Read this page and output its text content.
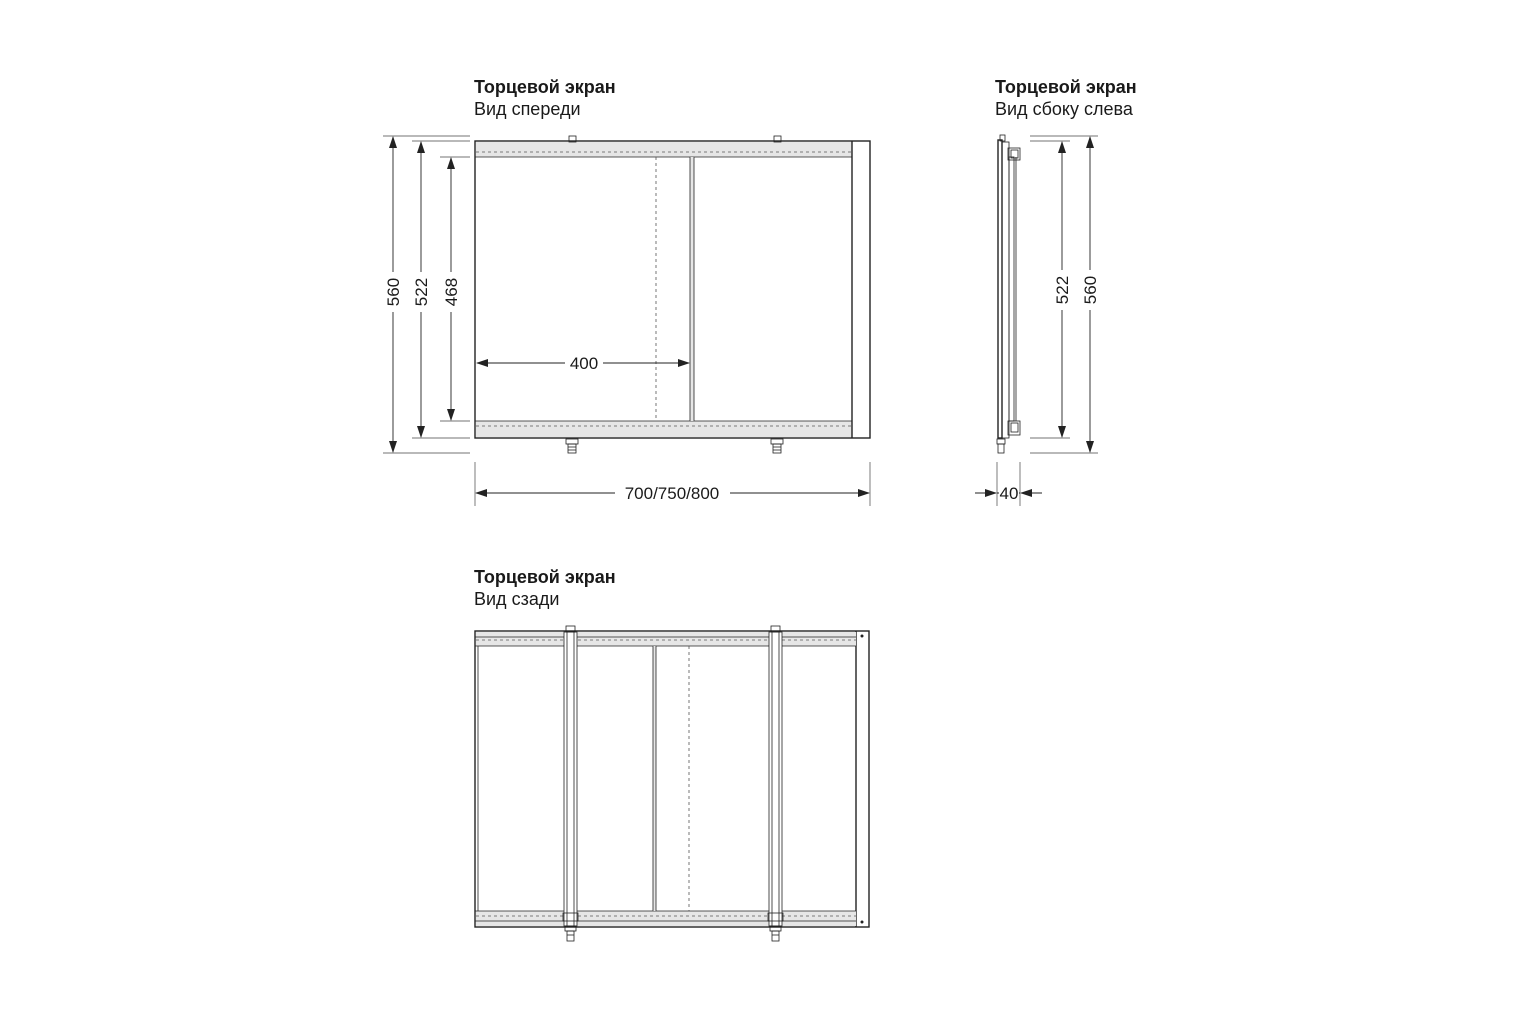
Торцевой экран
Вид спереди
Торцевой экран
Вид сбоку слева
Торцевой экран
Вид сзади
560 522 468
400
700/750/800
522 560
40
